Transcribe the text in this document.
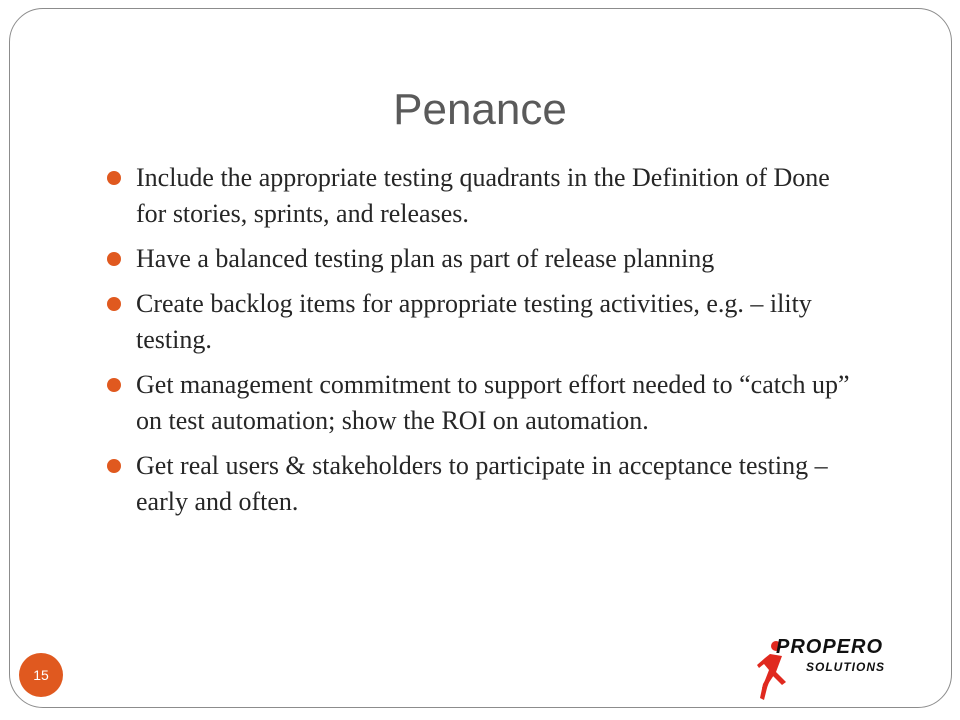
Penance
Include the appropriate testing quadrants in the Definition of Done for stories, sprints, and releases.
Have a balanced testing plan as part of release planning
Create backlog items for appropriate testing activities, e.g. – ility testing.
Get management commitment to support effort needed to “catch up” on test automation; show the ROI on automation.
Get real users & stakeholders to participate in acceptance testing – early and often.
15
PROPERO
SOLUTIONS
